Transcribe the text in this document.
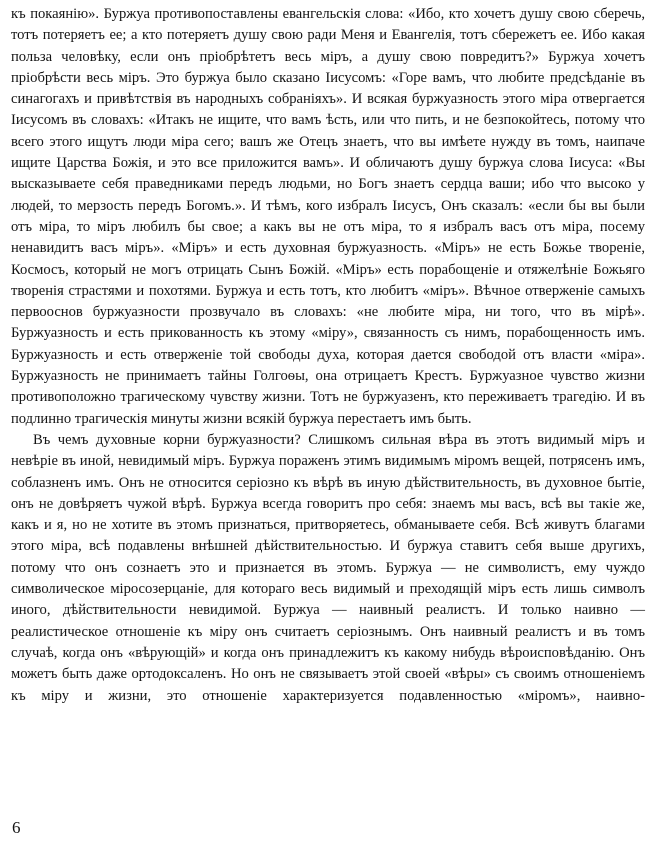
къ покаянію». Буржуа противопоставлены евангельскія слова: «Ибо, кто хочетъ душу свою сберечь, тотъ потеряетъ ее; а кто потеряетъ душу свою ради Меня и Евангелія, тотъ сбережетъ ее. Ибо какая польза человѣку, если онъ пріобрѣтетъ весь міръ, а душу свою повредитъ?» Буржуа хочетъ пріобрѣсти весь міръ. Это буржуа было сказано Іисусомъ: «Горе вамъ, что любите предсѣданіе въ синагогахъ и привѣтствія въ народныхъ собраніяхъ». И всякая буржуазность этого міра отвергается Іисусомъ въ словахъ: «Итакъ не ищите, что вамъ ѣсть, или что пить, и не безпокойтесь, потому что всего этого ищутъ люди міра сего; вашъ же Отецъ знаетъ, что вы имѣете нужду въ томъ, наипаче ищите Царства Божія, и это все приложится вамъ». И обличаютъ душу буржуа слова Іисуса: «Вы высказываете себя праведниками передъ людьми, но Богъ знаетъ сердца ваши; ибо что высоко у людей, то мерзость передъ Богомъ.». И тѣмъ, кого избралъ Іисусъ, Онъ сказалъ: «если бы вы были отъ міра, то міръ любилъ бы свое; а какъ вы не отъ міра, то я избралъ васъ отъ міра, посему ненавидитъ васъ міръ». «Міръ» и есть духовная буржуазность. «Міръ» не есть Божье твореніе, Космосъ, который не могъ отрицать Сынъ Божій. «Міръ» есть порабощеніе и отяжелѣніе Божьяго творенія страстями и похотями. Буржуа и есть тотъ, кто любитъ «міръ». Вѣчное отверженіе самыхъ первооснов буржуазности прозвучало въ словахъ: «не любите міра, ни того, что въ мірѣ». Буржуазность и есть прикованность къ этому «міру», связанность съ нимъ, порабощенность имъ. Буржуазность и есть отверженіе той свободы духа, которая дается свободой отъ власти «міра». Буржуазность не принимаетъ тайны Голгоѳы, она отрицаетъ Крестъ. Буржуазное чувство жизни противоположно трагическому чувству жизни. Тотъ не буржуазенъ, кто переживаетъ трагедію. И въ подлинно трагическія минуты жизни всякій буржуа перестаетъ имъ быть.

Въ чемъ духовные корни буржуазности? Слишкомъ сильная вѣра въ этотъ видимый міръ и невѣріе въ иной, невидимый міръ. Буржуа пораженъ этимъ видимымъ міромъ вещей, потрясенъ имъ, соблазненъ имъ. Онъ не относится серіозно къ вѣрѣ въ иную дѣйствительность, въ духовное бытіе, онъ не довѣряетъ чужой вѣрѣ. Буржуа всегда говоритъ про себя: знаемъ мы васъ, всѣ вы такіе же, какъ и я, но не хотите въ этомъ признаться, притворяетесь, обманываете себя. Всѣ живутъ благами этого міра, всѣ подавлены внѣшней дѣйствительностью. И буржуа ставитъ себя выше другихъ, потому что онъ сознаетъ это и признается въ этомъ. Буржуа — не символистъ, ему чуждо символическое міросозерцаніе, для котораго весь видимый и преходящій міръ есть лишь символъ иного, дѣйствительности невидимой. Буржуа — наивный реалистъ. И только наивно — реалистическое отношеніе къ міру онъ считаетъ серіознымъ. Онъ наивный реалистъ и въ томъ случаѣ, когда онъ «вѣрующій» и когда онъ принадлежитъ къ какому нибудь вѣроисповѣданію. Онъ можетъ быть даже ортодоксаленъ. Но онъ не связываетъ этой своей «вѣры» съ своимъ отношеніемъ къ міру и жизни, это отношеніе характеризуется подавленностью «міромъ», наивно-

6
